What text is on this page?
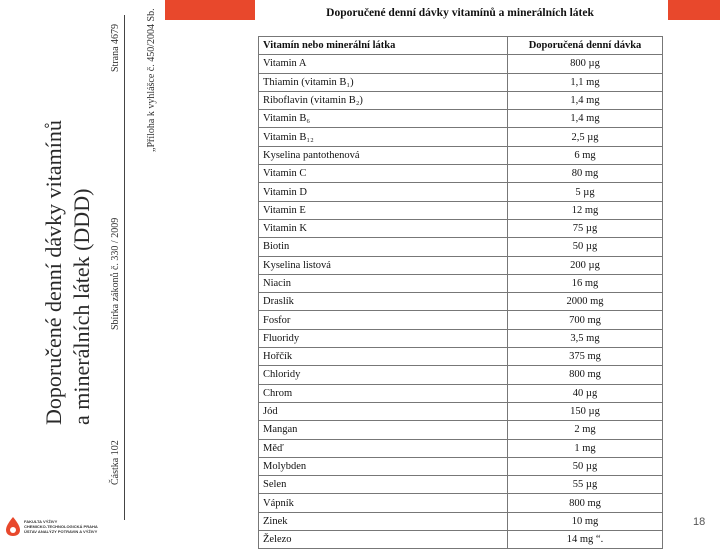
Doporučené denní dávky vitamínů a minerálních látek (DDD)
Strana 4679	„Příloha k vyhlášce č. 450/2004 Sb.
Sbírka zákonů č. 330 / 2009
Částka 102
Doporučené denní dávky vitamínů a minerálních látek
Vitamín nebo minerální látka	Doporučená denní dávka
Vitamin A	800 µg
Thiamin (vitamin B₁)	1,1 mg
Riboflavin (vitamin B₂)	1,4 mg
Vitamin B₆	1,4 mg
Vitamin B₁₂	2,5 µg
Kyselina pantothenová	6 mg
Vitamin C	80 mg
Vitamin D	5 µg
Vitamin E	12 mg
Vitamin K	75 µg
Biotin	50 µg
Kyselina listová	200 µg
Niacin	16 mg
Draslík	2000 mg
Fosfor	700 mg
Fluoridy	3,5 mg
Hořčík	375 mg
Chloridy	800 mg
Chrom	40 µg
Jód	150 µg
Mangan	2 mg
Měď	1 mg
Molybden	50 µg
Selen	55 µg
Vápník	800 mg
Zinek	10 mg
Železo	14 mg “.
FAKULTA VÝŽIVY
CHEMICKO-TECHNOLOGICKÁ PRAHA
ÚSTAV ANALÝZY POTRAVIN A VÝŽIVY
18
